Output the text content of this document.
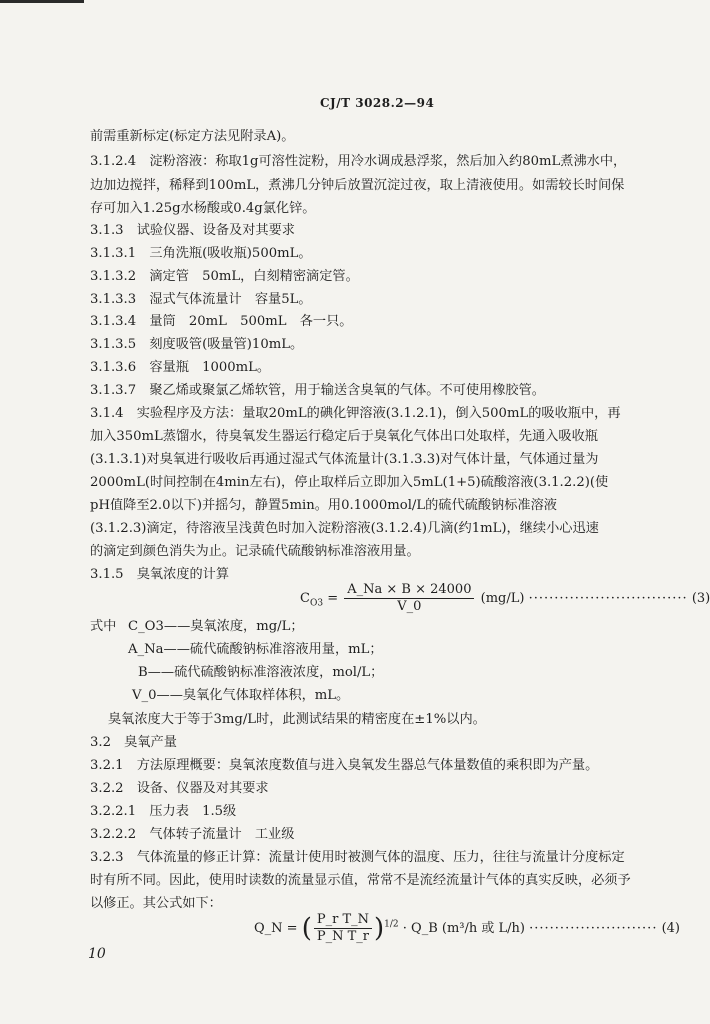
CJ/T 3028.2—94
前需重新标定(标定方法见附录A)。
3.1.2.4　淀粉溶液：称取1g可溶性淀粉，用冷水调成悬浮浆，然后加入约80mL煮沸水中，
边加边搅拌，稀释到100mL，煮沸几分钟后放置沉淀过夜，取上清液使用。如需较长时间保
存可加入1.25g水杨酸或0.4g氯化锌。
3.1.3　试验仪器、设备及对其要求
3.1.3.1　三角洗瓶(吸收瓶)500mL。
3.1.3.2　滴定管　50mL，白刻精密滴定管。
3.1.3.3　湿式气体流量计　容量5L。
3.1.3.4　量筒　20mL　500mL　各一只。
3.1.3.5　刻度吸管(吸量管)10mL。
3.1.3.6　容量瓶　1000mL。
3.1.3.7　聚乙烯或聚氯乙烯软管，用于输送含臭氧的气体。不可使用橡胶管。
3.1.4　实验程序及方法：量取20mL的碘化钾溶液(3.1.2.1)，倒入500mL的吸收瓶中，再
加入350mL蒸馏水，待臭氧发生器运行稳定后于臭氧化气体出口处取样，先通入吸收瓶
(3.1.3.1)对臭氧进行吸收后再通过湿式气体流量计(3.1.3.3)对气体计量，气体通过量为
2000mL(时间控制在4min左右)，停止取样后立即加入5mL(1+5)硫酸溶液(3.1.2.2)(使
pH值降至2.0以下)并摇匀，静置5min。用0.1000mol/L的硫代硫酸钠标准溶液
(3.1.2.3)滴定，待溶液呈浅黄色时加入淀粉溶液(3.1.2.4)几滴(约1mL)，继续小心迅速
的滴定到颜色消失为止。记录硫代硫酸钠标准溶液用量。
3.1.5　臭氧浓度的计算
$C_{O3} = \frac{A\_Na \times B \times 24000}{V\_0} (mg/L)$ ······························· (3)
式中 C_O3——臭氧浓度，mg/L；
A_Na——硫代硫酸钠标准溶液用量，mL；
B——硫代硫酸钠标准溶液浓度，mol/L；
V_0——臭氧化气体取样体积，mL。
臭氧浓度大于等于3mg/L时，此测试结果的精密度在±1%以内。
3.2　臭氧产量
3.2.1　方法原理概要：臭氧浓度数值与进入臭氧发生器总气体量数值的乘积即为产量。
3.2.2　设备、仪器及对其要求
3.2.2.1　压力表　1.5级
3.2.2.2　气体转子流量计　工业级
3.2.3　气体流量的修正计算：流量计使用时被测气体的温度、压力，往往与流量计分度标定
时有所不同。因此，使用时读数的流量显示值，常常不是流经流量计气体的真实反映，必须予
以修正。其公式如下：
Q_N = ( $\frac{\text{P\_r T\_N}}{\text{P\_N T\_r}} )^{1/2}$ · Q_B (m³/h 或 L/h) ························· (4)
10
